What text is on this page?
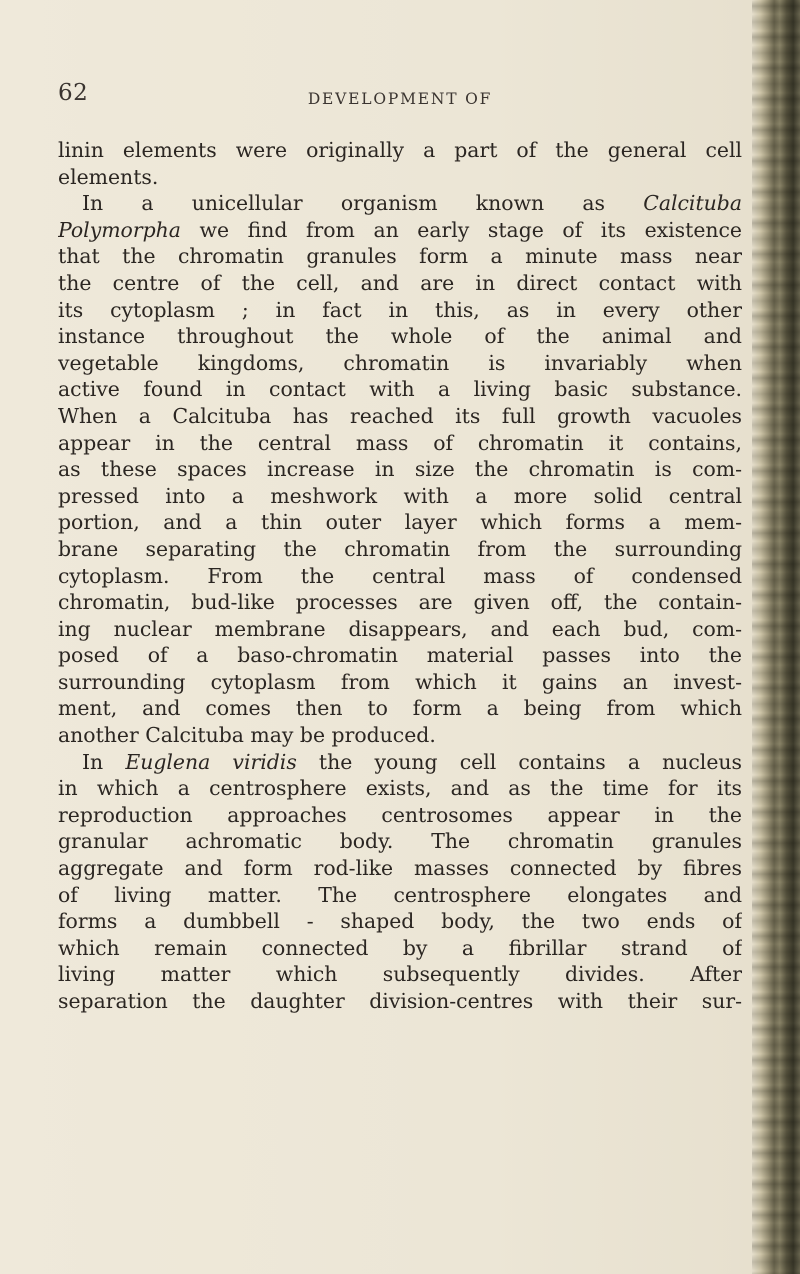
62	DEVELOPMENT OF
linin elements were originally a part of the general cell
elements.
In a unicellular organism known as Calcituba
Polymorpha we find from an early stage of its existence
that the chromatin granules form a minute mass near
the centre of the cell, and are in direct contact with
its cytoplasm ; in fact in this, as in every other
instance throughout the whole of the animal and
vegetable kingdoms, chromatin is invariably when
active found in contact with a living basic substance.
When a Calcituba has reached its full growth vacuoles
appear in the central mass of chromatin it contains,
as these spaces increase in size the chromatin is com-
pressed into a meshwork with a more solid central
portion, and a thin outer layer which forms a mem-
brane separating the chromatin from the surrounding
cytoplasm. From the central mass of condensed
chromatin, bud-like processes are given off, the contain-
ing nuclear membrane disappears, and each bud, com-
posed of a baso-chromatin material passes into the
surrounding cytoplasm from which it gains an invest-
ment, and comes then to form a being from which
another Calcituba may be produced.
In Euglena viridis the young cell contains a nucleus
in which a centrosphere exists, and as the time for its
reproduction approaches centrosomes appear in the
granular achromatic body. The chromatin granules
aggregate and form rod-like masses connected by fibres
of living matter. The centrosphere elongates and
forms a dumbbell - shaped body, the two ends of
which remain connected by a fibrillar strand of
living matter which subsequently divides. After
separation the daughter division-centres with their sur-
